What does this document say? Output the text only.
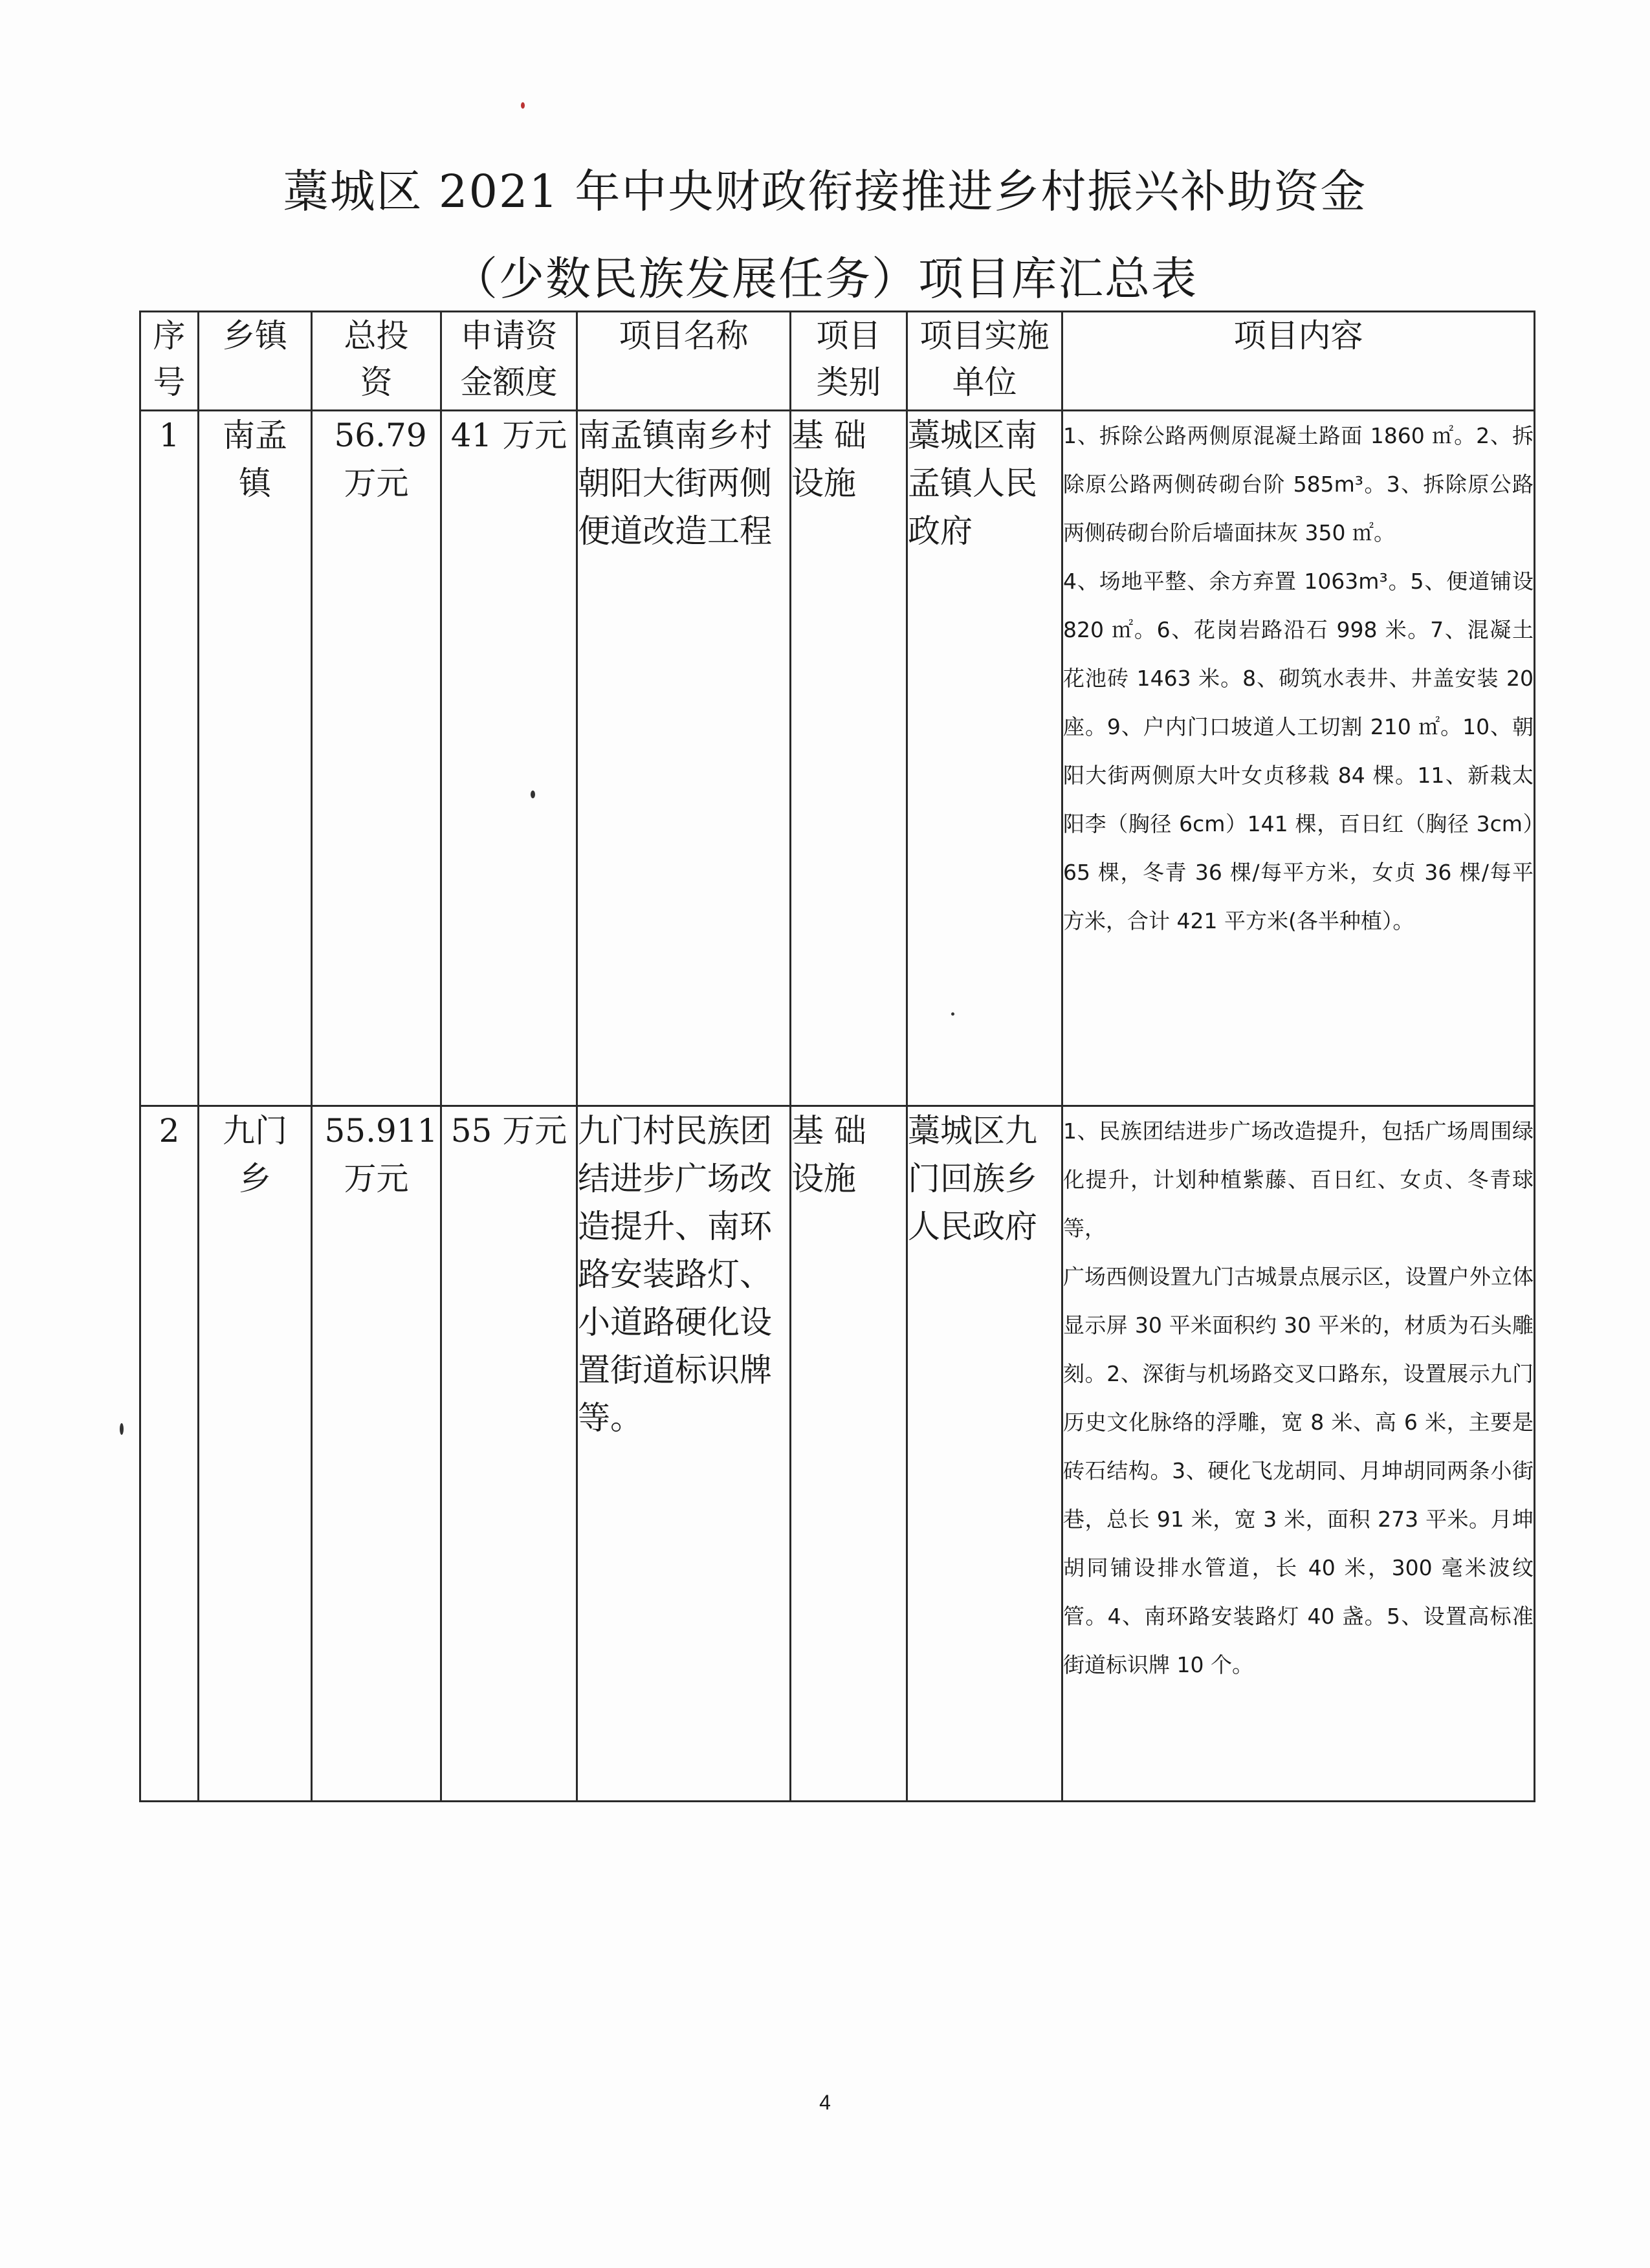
藁城区 2021 年中央财政衔接推进乡村振兴补助资金
（少数民族发展任务）项目库汇总表
序号	乡镇	总投资	申请资金额度	项目名称	项目类别	项目实施单位	项目内容
1	南孟镇	56.79 万元	41 万元	南孟镇南乡村朝阳大街两侧便道改造工程	基 础 设施	藁城区南孟镇人民政府	1、拆除公路两侧原混凝土路面 1860 ㎡。2、拆除原公路两侧砖砌台阶 585m³。3、拆除原公路两侧砖砌台阶后墙面抹灰 350 ㎡。
4、场地平整、余方弃置 1063m³。5、便道铺设 820 ㎡。6、花岗岩路沿石 998 米。7、混凝土花池砖 1463 米。8、砌筑水表井、井盖安装 20 座。9、户内门口坡道人工切割 210 ㎡。10、朝阳大街两侧原大叶女贞移栽 84 棵。11、新栽太阳李（胸径 6cm）141 棵，百日红（胸径 3cm）65 棵，冬青 36 棵/每平方米，女贞 36 棵/每平方米，合计 421 平方米(各半种植）。

2	九门乡	55.911 万元	55 万元	九门村民族团结进步广场改造提升、南环路安装路灯、小道路硬化设置街道标识牌等。	基 础 设施	藁城区九门回族乡人民政府	1、民族团结进步广场改造提升，包括广场周围绿化提升，计划种植紫藤、百日红、女贞、冬青球等，
广场西侧设置九门古城景点展示区，设置户外立体显示屏 30 平米面积约 30 平米的，材质为石头雕刻。2、深街与机场路交叉口路东，设置展示九门历史文化脉络的浮雕，宽 8 米、高 6 米，主要是砖石结构。3、硬化飞龙胡同、月坤胡同两条小街巷，总长 91 米，宽 3 米，面积 273 平米。月坤胡同铺设排水管道，长 40 米，300 毫米波纹管。4、南环路安装路灯 40 盏。5、设置高标准街道标识牌 10 个。
4
